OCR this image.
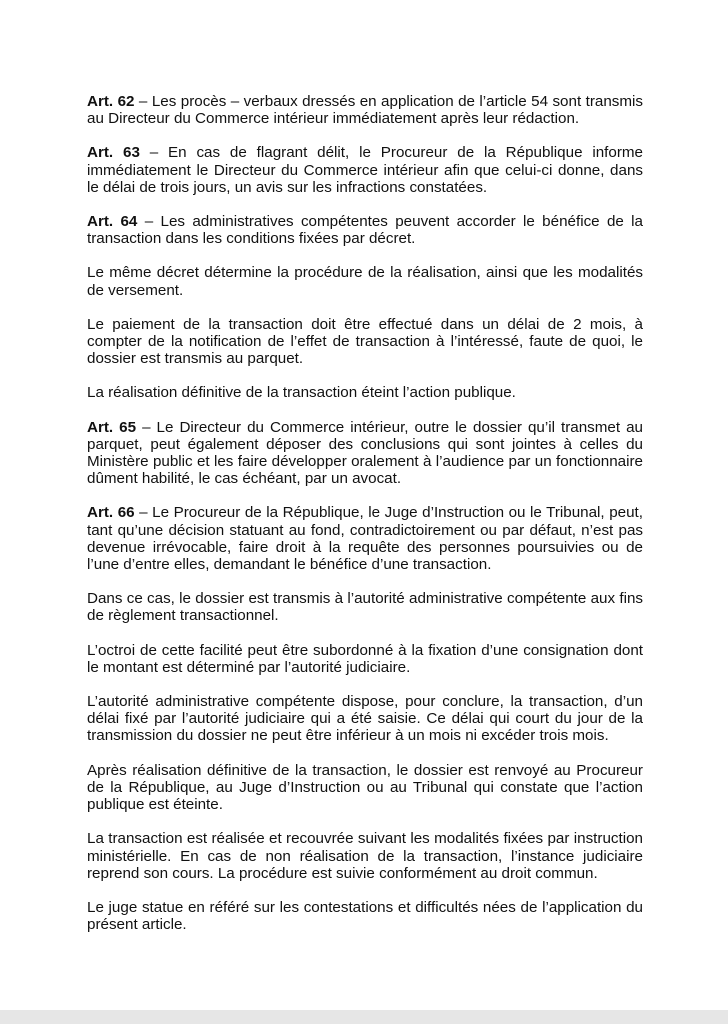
Art. 62 – Les procès – verbaux dressés en application de l’article 54 sont transmis au Directeur du Commerce intérieur immédiatement après leur rédaction.

Art. 63 – En cas de flagrant délit, le Procureur de la République informe immédiatement le Directeur du Commerce intérieur afin que celui-ci donne, dans le délai de trois jours, un avis sur les infractions constatées.

Art. 64 – Les administratives compétentes peuvent accorder le bénéfice de la transaction dans les conditions fixées par décret.

Le même décret détermine la procédure de la réalisation, ainsi que les modalités de versement.

Le paiement de la transaction doit être effectué dans un délai de 2 mois, à compter de la notification de l’effet de transaction à l’intéressé, faute de quoi, le dossier est transmis au parquet.

La réalisation définitive de la transaction éteint l’action publique.

Art. 65 – Le Directeur du Commerce intérieur, outre le dossier qu’il transmet au parquet, peut également déposer des conclusions qui sont jointes à celles du Ministère public et les faire développer oralement à l’audience par un fonctionnaire dûment habilité, le cas échéant, par un avocat.

Art. 66 – Le Procureur de la République, le Juge d’Instruction ou le Tribunal, peut, tant qu’une décision statuant au fond, contradictoirement ou par défaut, n’est pas devenue irrévocable, faire droit à la requête des personnes poursuivies ou de l’une d’entre elles, demandant le bénéfice d’une transaction.

Dans ce cas, le dossier est transmis à l’autorité administrative compétente aux fins de règlement transactionnel.

L’octroi de cette facilité peut être subordonné à la fixation d’une consignation dont le montant est déterminé par l’autorité judiciaire.

L’autorité administrative compétente dispose, pour conclure, la transaction, d’un délai fixé par l’autorité judiciaire qui a été saisie. Ce délai qui court du jour de la transmission du dossier ne peut être inférieur à un mois ni excéder trois mois.

Après réalisation définitive de la transaction, le dossier est renvoyé au Procureur de la République, au Juge d’Instruction ou au Tribunal qui constate que l’action publique est éteinte.

La transaction est réalisée et recouvrée suivant les modalités fixées par instruction ministérielle. En cas de non réalisation de la transaction, l’instance judiciaire reprend son cours. La procédure est suivie conformément au droit commun.

Le juge statue en référé sur les contestations et difficultés nées de l’application du présent article.
